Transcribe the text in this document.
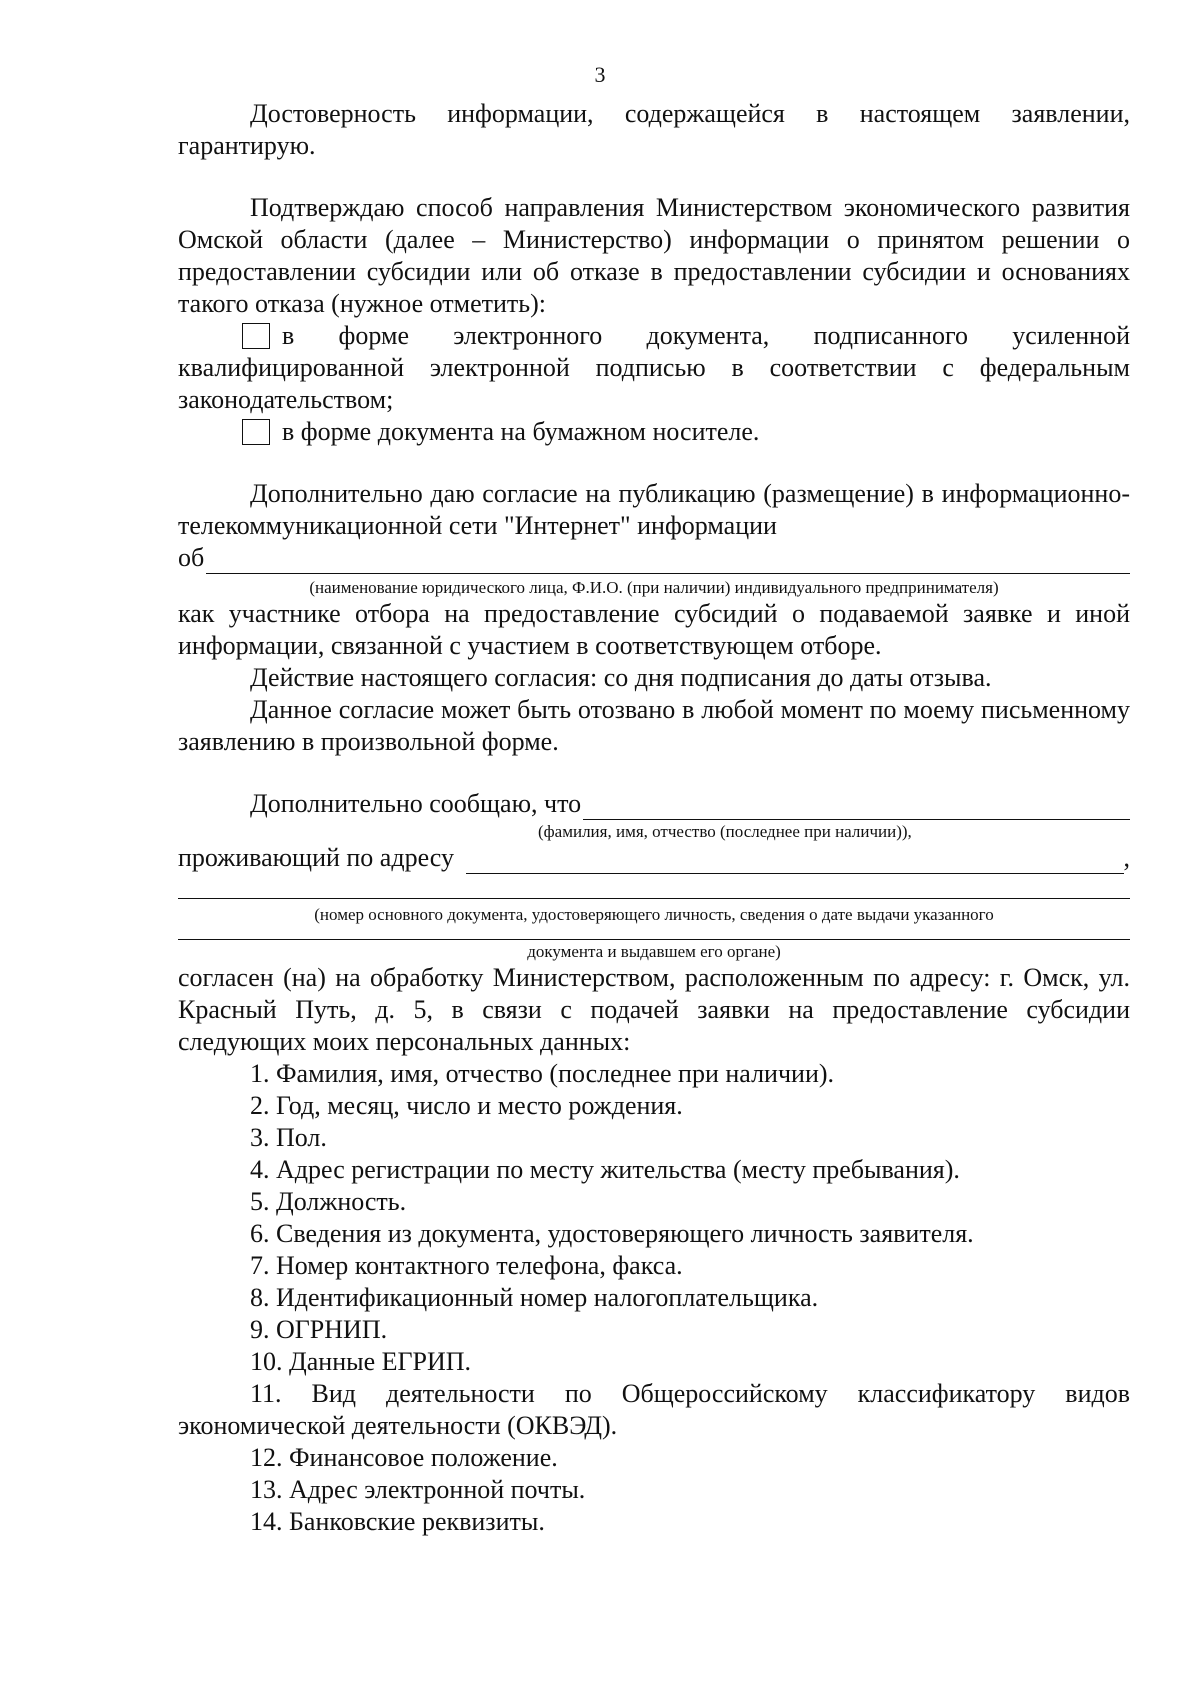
3

Достоверность информации, содержащейся в настоящем заявлении, гарантирую.

Подтверждаю способ направления Министерством экономического развития Омской области (далее – Министерство) информации о принятом решении о предоставлении субсидии или об отказе в предоставлении субсидии и основаниях такого отказа (нужное отметить):

в форме электронного документа, подписанного усиленной квалифицированной электронной подписью в соответствии с федеральным законодательством;

в форме документа на бумажном носителе.

Дополнительно даю согласие на публикацию (размещение) в информационно-телекоммуникационной сети "Интернет" информации

об

(наименование юридического лица, Ф.И.О. (при наличии) индивидуального предпринимателя)

как участнике отбора на предоставление субсидий о подаваемой заявке и иной информации, связанной с участием в соответствующем отборе.

Действие настоящего согласия: со дня подписания до даты отзыва.

Данное согласие может быть отозвано в любой момент по моему письменному заявлению в произвольной форме.

Дополнительно сообщаю, что

(фамилия, имя, отчество (последнее при наличии)),

проживающий по адресу	,

(номер основного документа, удостоверяющего личность, сведения о дате выдачи указанного

документа и выдавшем его органе)

согласен (на) на обработку Министерством, расположенным по адресу: г. Омск, ул. Красный Путь, д. 5, в связи с подачей заявки на предоставление субсидии следующих моих персональных данных:

1. Фамилия, имя, отчество (последнее при наличии).

2. Год, месяц, число и место рождения.

3. Пол.

4. Адрес регистрации по месту жительства (месту пребывания).

5. Должность.

6. Сведения из документа, удостоверяющего личность заявителя.

7. Номер контактного телефона, факса.

8. Идентификационный номер налогоплательщика.

9. ОГРНИП.

10. Данные ЕГРИП.

11. Вид деятельности по Общероссийскому классификатору видов экономической деятельности (ОКВЭД).

12. Финансовое положение.

13. Адрес электронной почты.

14. Банковские реквизиты.
